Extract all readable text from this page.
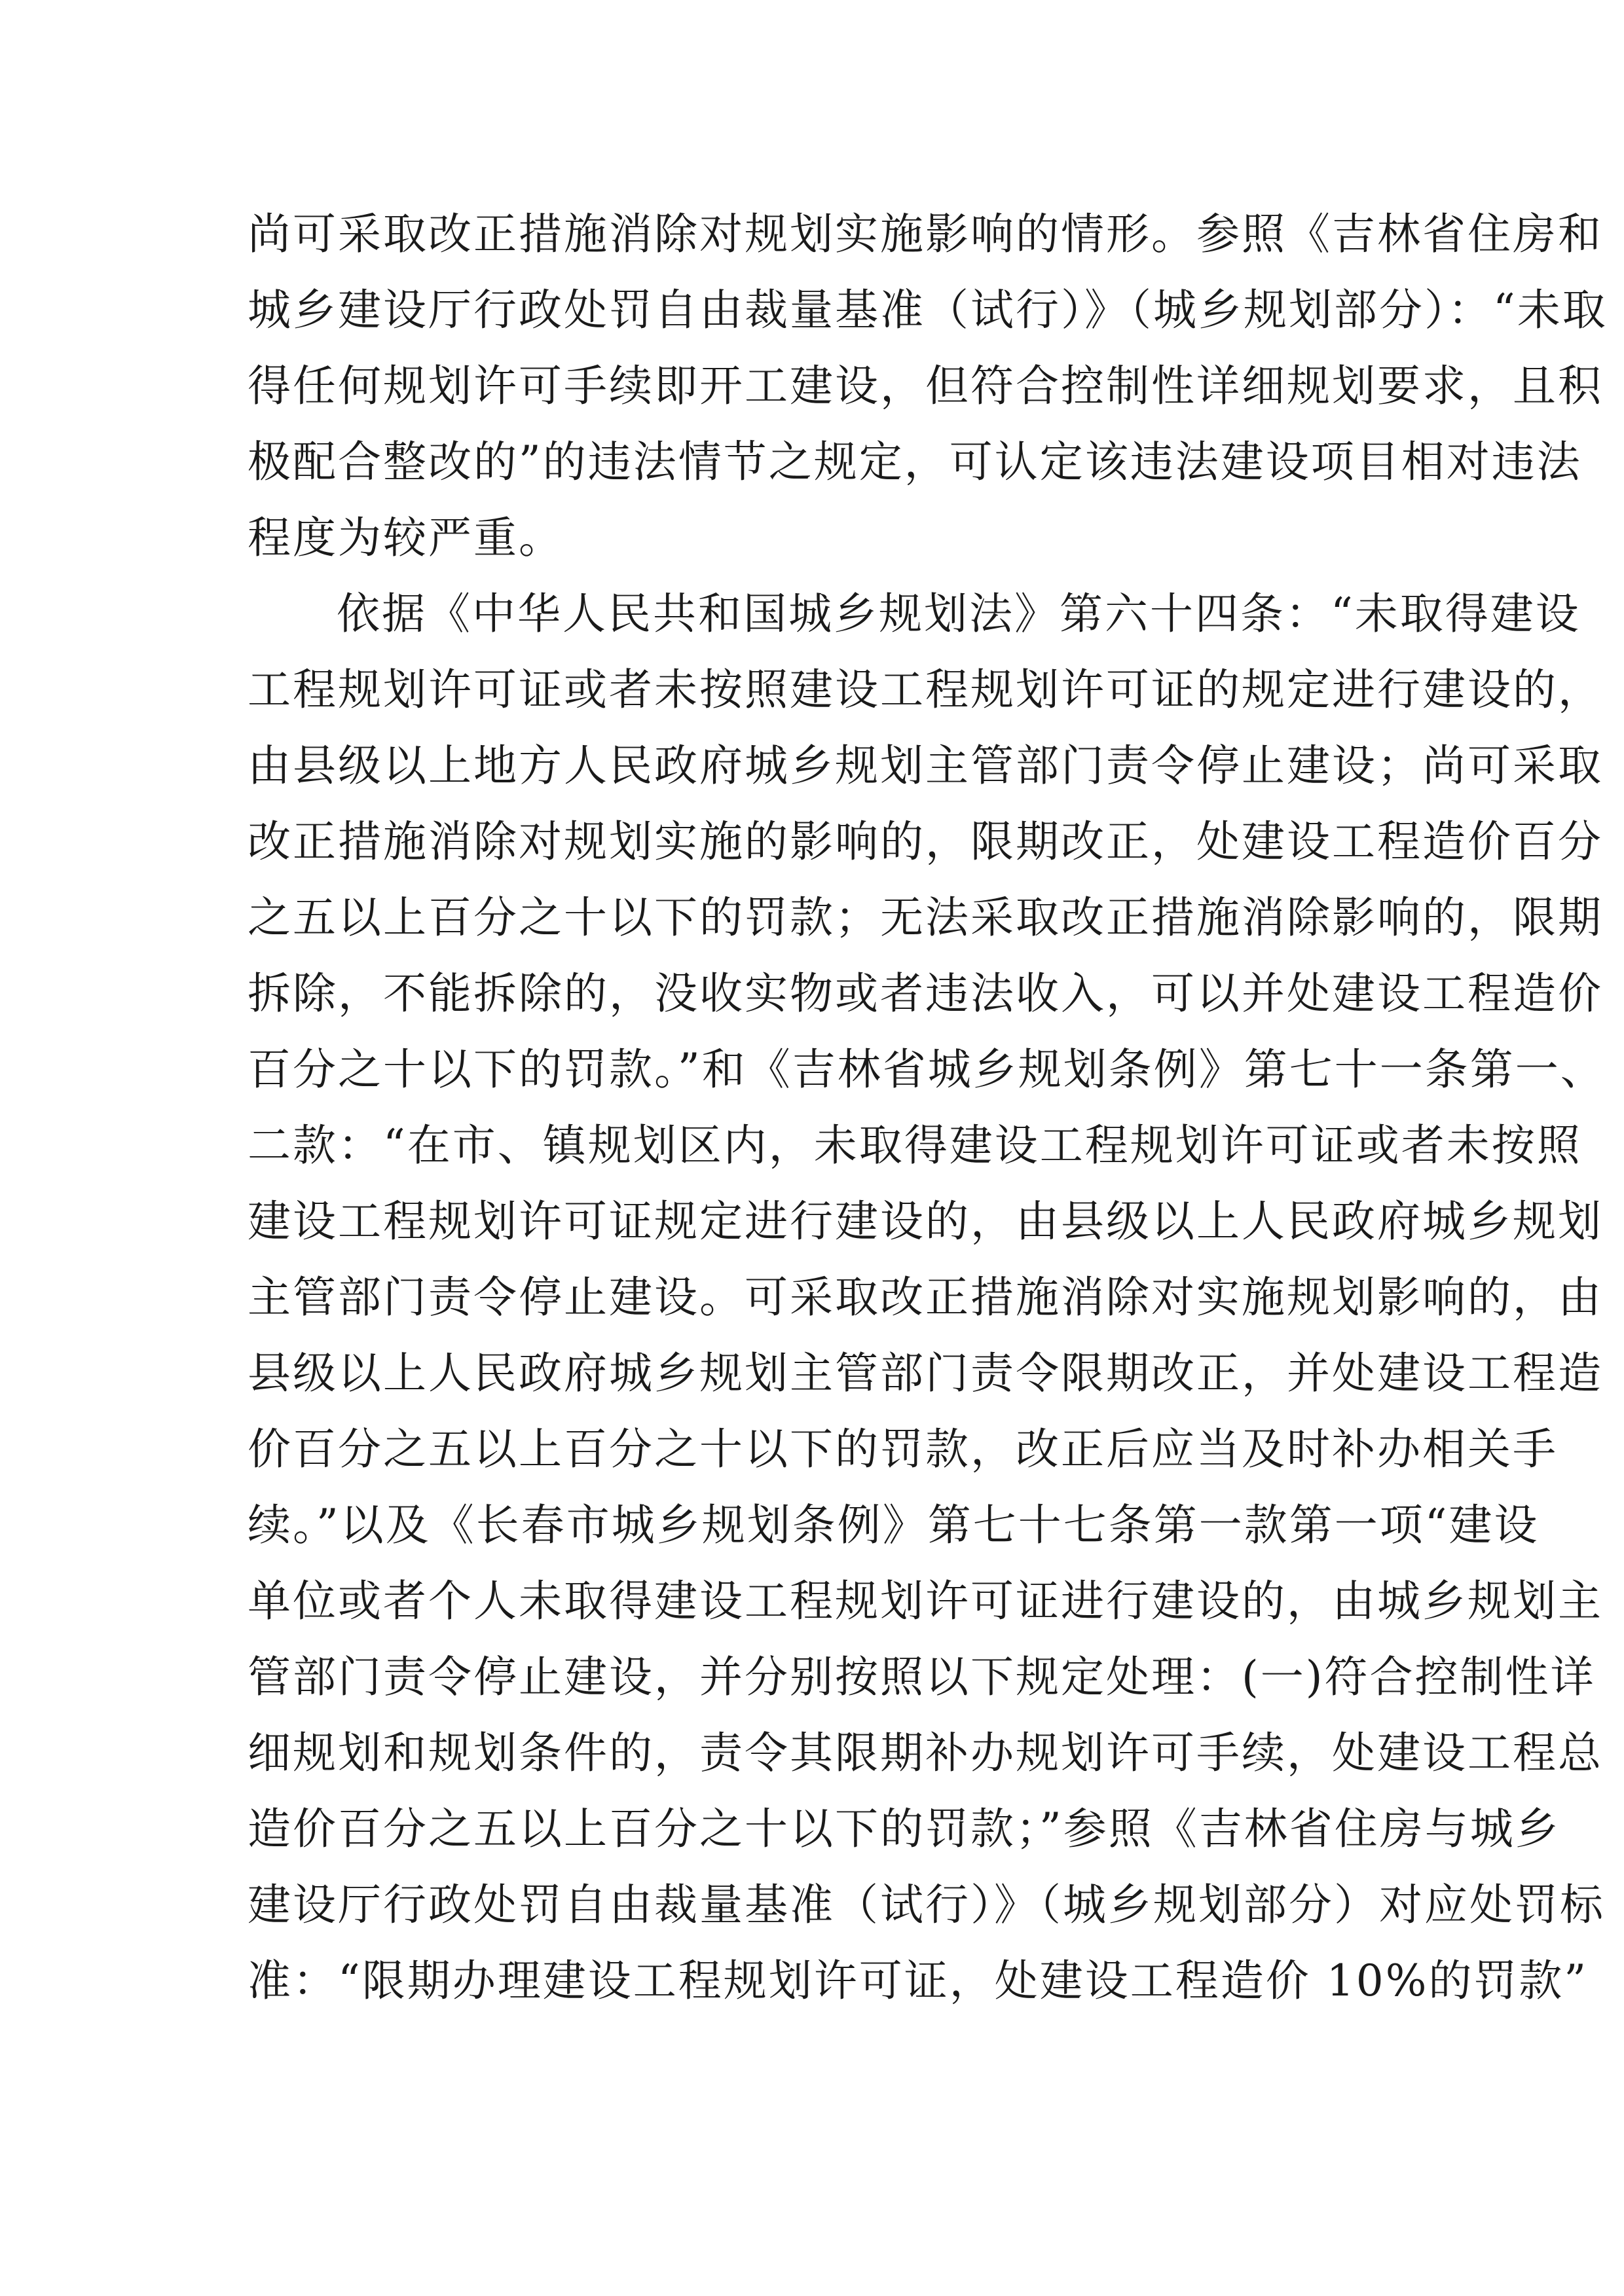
尚可采取改正措施消除对规划实施影响的情形。参照《吉林省住房和
城乡建设厅行政处罚自由裁量基准（试行）》（城乡规划部分）：“未取
得任何规划许可手续即开工建设，但符合控制性详细规划要求，且积
极配合整改的”的违法情节之规定，可认定该违法建设项目相对违法
程度为较严重。
依据《中华人民共和国城乡规划法》第六十四条：“未取得建设
工程规划许可证或者未按照建设工程规划许可证的规定进行建设的，
由县级以上地方人民政府城乡规划主管部门责令停止建设；尚可采取
改正措施消除对规划实施的影响的，限期改正，处建设工程造价百分
之五以上百分之十以下的罚款；无法采取改正措施消除影响的，限期
拆除，不能拆除的，没收实物或者违法收入，可以并处建设工程造价
百分之十以下的罚款。”和《吉林省城乡规划条例》第七十一条第一、
二款：“在市、镇规划区内，未取得建设工程规划许可证或者未按照
建设工程规划许可证规定进行建设的，由县级以上人民政府城乡规划
主管部门责令停止建设。可采取改正措施消除对实施规划影响的，由
县级以上人民政府城乡规划主管部门责令限期改正，并处建设工程造
价百分之五以上百分之十以下的罚款，改正后应当及时补办相关手
续。”以及《长春市城乡规划条例》第七十七条第一款第一项“建设
单位或者个人未取得建设工程规划许可证进行建设的，由城乡规划主
管部门责令停止建设，并分别按照以下规定处理：(一)符合控制性详
细规划和规划条件的，责令其限期补办规划许可手续，处建设工程总
造价百分之五以上百分之十以下的罚款；”参照《吉林省住房与城乡
建设厅行政处罚自由裁量基准（试行）》（城乡规划部分）对应处罚标
准：“限期办理建设工程规划许可证，处建设工程造价 10%的罚款”
